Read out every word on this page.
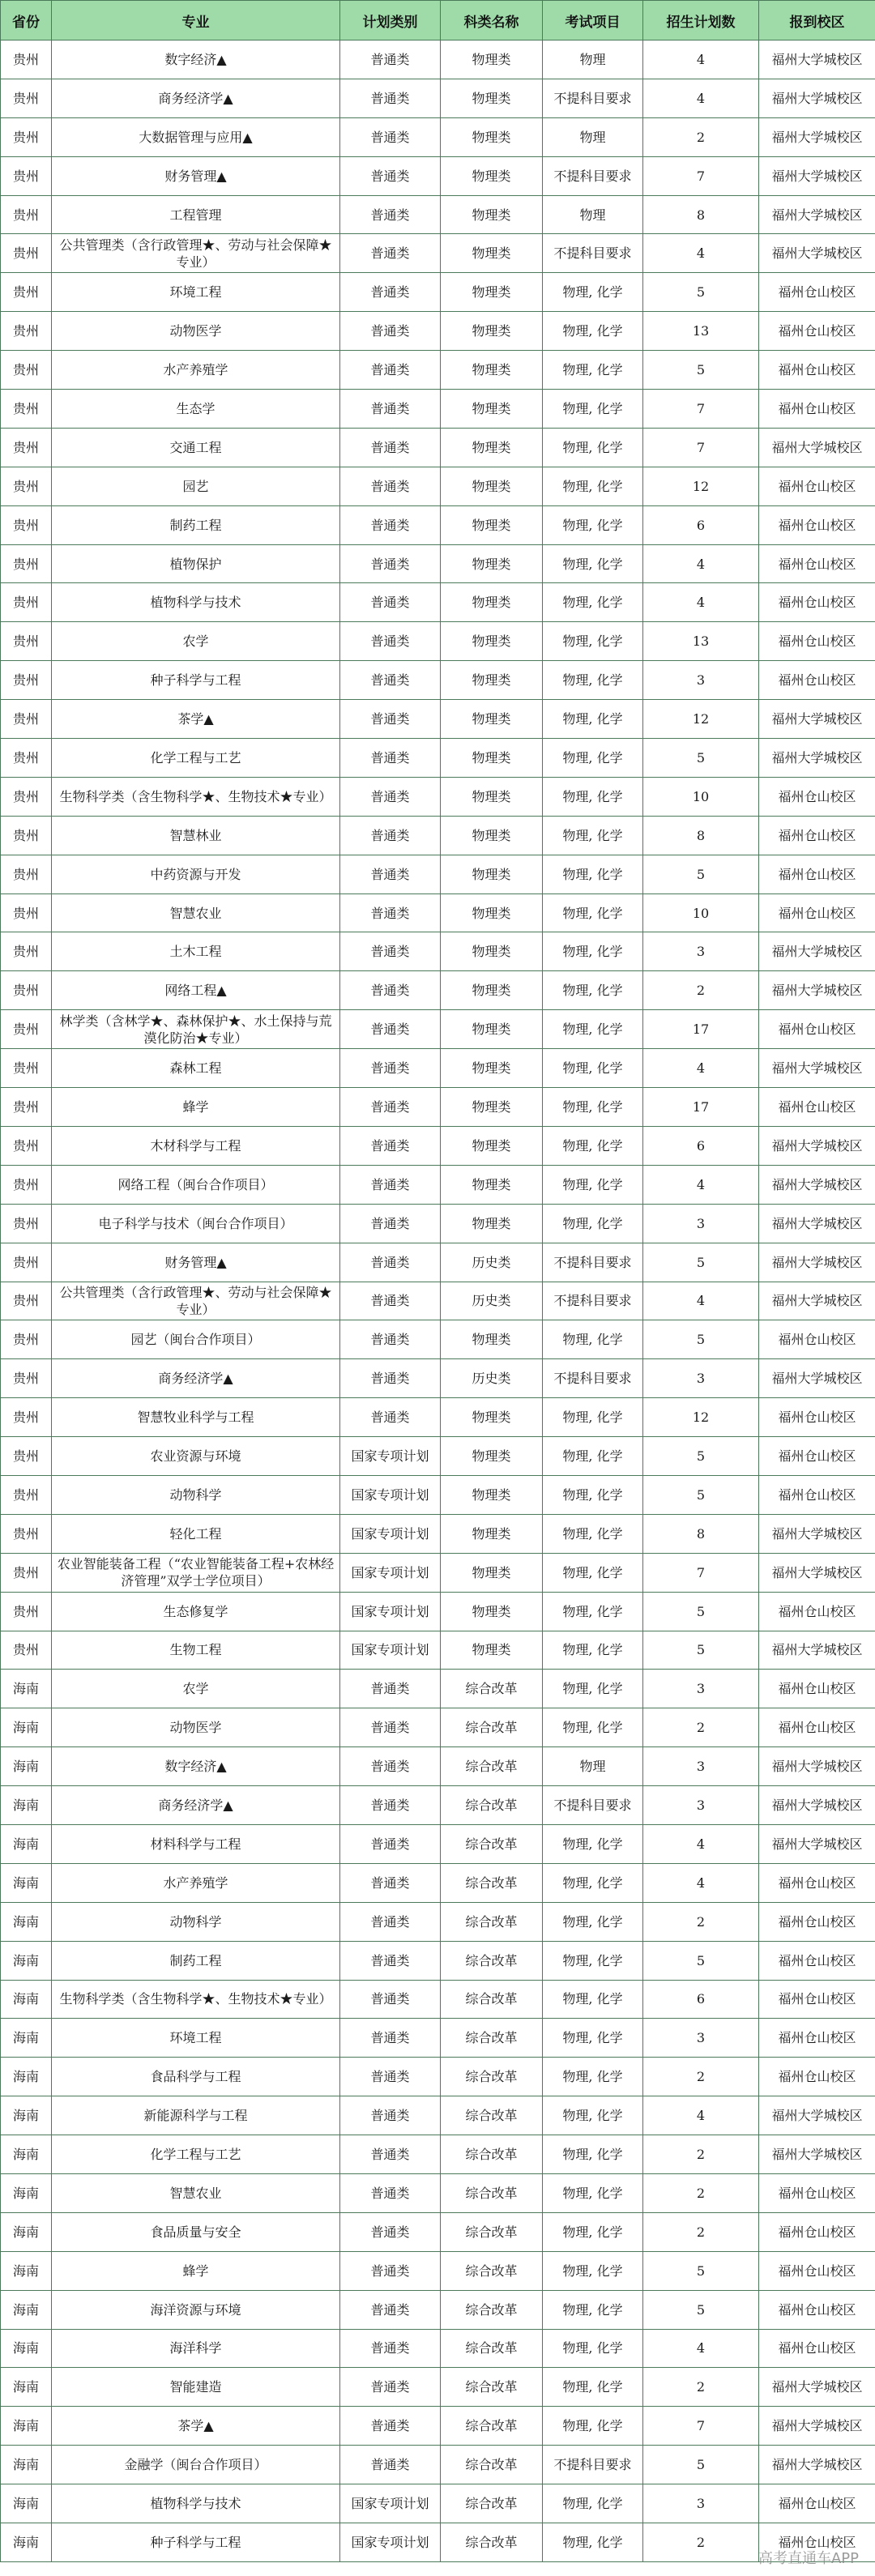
省份	专业	计划类别	科类名称	考试项目	招生计划数	报到校区
贵州	数字经济▲	普通类	物理类	物理	4	福州大学城校区
贵州	商务经济学▲	普通类	物理类	不提科目要求	4	福州大学城校区
贵州	大数据管理与应用▲	普通类	物理类	物理	2	福州大学城校区
贵州	财务管理▲	普通类	物理类	不提科目要求	7	福州大学城校区
贵州	工程管理	普通类	物理类	物理	8	福州大学城校区
贵州	公共管理类（含行政管理★、劳动与社会保障★专业）	普通类	物理类	不提科目要求	4	福州大学城校区
贵州	环境工程	普通类	物理类	物理, 化学	5	福州仓山校区
贵州	动物医学	普通类	物理类	物理, 化学	13	福州仓山校区
贵州	水产养殖学	普通类	物理类	物理, 化学	5	福州仓山校区
贵州	生态学	普通类	物理类	物理, 化学	7	福州仓山校区
贵州	交通工程	普通类	物理类	物理, 化学	7	福州大学城校区
贵州	园艺	普通类	物理类	物理, 化学	12	福州仓山校区
贵州	制药工程	普通类	物理类	物理, 化学	6	福州仓山校区
贵州	植物保护	普通类	物理类	物理, 化学	4	福州仓山校区
贵州	植物科学与技术	普通类	物理类	物理, 化学	4	福州仓山校区
贵州	农学	普通类	物理类	物理, 化学	13	福州仓山校区
贵州	种子科学与工程	普通类	物理类	物理, 化学	3	福州仓山校区
贵州	茶学▲	普通类	物理类	物理, 化学	12	福州大学城校区
贵州	化学工程与工艺	普通类	物理类	物理, 化学	5	福州大学城校区
贵州	生物科学类（含生物科学★、生物技术★专业）	普通类	物理类	物理, 化学	10	福州仓山校区
贵州	智慧林业	普通类	物理类	物理, 化学	8	福州仓山校区
贵州	中药资源与开发	普通类	物理类	物理, 化学	5	福州仓山校区
贵州	智慧农业	普通类	物理类	物理, 化学	10	福州仓山校区
贵州	土木工程	普通类	物理类	物理, 化学	3	福州大学城校区
贵州	网络工程▲	普通类	物理类	物理, 化学	2	福州大学城校区
贵州	林学类（含林学★、森林保护★、水土保持与荒漠化防治★专业）	普通类	物理类	物理, 化学	17	福州仓山校区
贵州	森林工程	普通类	物理类	物理, 化学	4	福州大学城校区
贵州	蜂学	普通类	物理类	物理, 化学	17	福州仓山校区
贵州	木材科学与工程	普通类	物理类	物理, 化学	6	福州大学城校区
贵州	网络工程（闽台合作项目）	普通类	物理类	物理, 化学	4	福州大学城校区
贵州	电子科学与技术（闽台合作项目）	普通类	物理类	物理, 化学	3	福州大学城校区
贵州	财务管理▲	普通类	历史类	不提科目要求	5	福州大学城校区
贵州	公共管理类（含行政管理★、劳动与社会保障★专业）	普通类	历史类	不提科目要求	4	福州大学城校区
贵州	园艺（闽台合作项目）	普通类	物理类	物理, 化学	5	福州仓山校区
贵州	商务经济学▲	普通类	历史类	不提科目要求	3	福州大学城校区
贵州	智慧牧业科学与工程	普通类	物理类	物理, 化学	12	福州仓山校区
贵州	农业资源与环境	国家专项计划	物理类	物理, 化学	5	福州仓山校区
贵州	动物科学	国家专项计划	物理类	物理, 化学	5	福州仓山校区
贵州	轻化工程	国家专项计划	物理类	物理, 化学	8	福州大学城校区
贵州	农业智能装备工程（“农业智能装备工程+农林经济管理”双学士学位项目）	国家专项计划	物理类	物理, 化学	7	福州大学城校区
贵州	生态修复学	国家专项计划	物理类	物理, 化学	5	福州仓山校区
贵州	生物工程	国家专项计划	物理类	物理, 化学	5	福州大学城校区
海南	农学	普通类	综合改革	物理, 化学	3	福州仓山校区
海南	动物医学	普通类	综合改革	物理, 化学	2	福州仓山校区
海南	数字经济▲	普通类	综合改革	物理	3	福州大学城校区
海南	商务经济学▲	普通类	综合改革	不提科目要求	3	福州大学城校区
海南	材料科学与工程	普通类	综合改革	物理, 化学	4	福州大学城校区
海南	水产养殖学	普通类	综合改革	物理, 化学	4	福州仓山校区
海南	动物科学	普通类	综合改革	物理, 化学	2	福州仓山校区
海南	制药工程	普通类	综合改革	物理, 化学	5	福州仓山校区
海南	生物科学类（含生物科学★、生物技术★专业）	普通类	综合改革	物理, 化学	6	福州仓山校区
海南	环境工程	普通类	综合改革	物理, 化学	3	福州仓山校区
海南	食品科学与工程	普通类	综合改革	物理, 化学	2	福州仓山校区
海南	新能源科学与工程	普通类	综合改革	物理, 化学	4	福州大学城校区
海南	化学工程与工艺	普通类	综合改革	物理, 化学	2	福州大学城校区
海南	智慧农业	普通类	综合改革	物理, 化学	2	福州仓山校区
海南	食品质量与安全	普通类	综合改革	物理, 化学	2	福州仓山校区
海南	蜂学	普通类	综合改革	物理, 化学	5	福州仓山校区
海南	海洋资源与环境	普通类	综合改革	物理, 化学	5	福州仓山校区
海南	海洋科学	普通类	综合改革	物理, 化学	4	福州仓山校区
海南	智能建造	普通类	综合改革	物理, 化学	2	福州大学城校区
海南	茶学▲	普通类	综合改革	物理, 化学	7	福州大学城校区
海南	金融学（闽台合作项目）	普通类	综合改革	不提科目要求	5	福州大学城校区
海南	植物科学与技术	国家专项计划	综合改革	物理, 化学	3	福州仓山校区
海南	种子科学与工程	国家专项计划	综合改革	物理, 化学	2	福州仓山校区
高考直通车APP
